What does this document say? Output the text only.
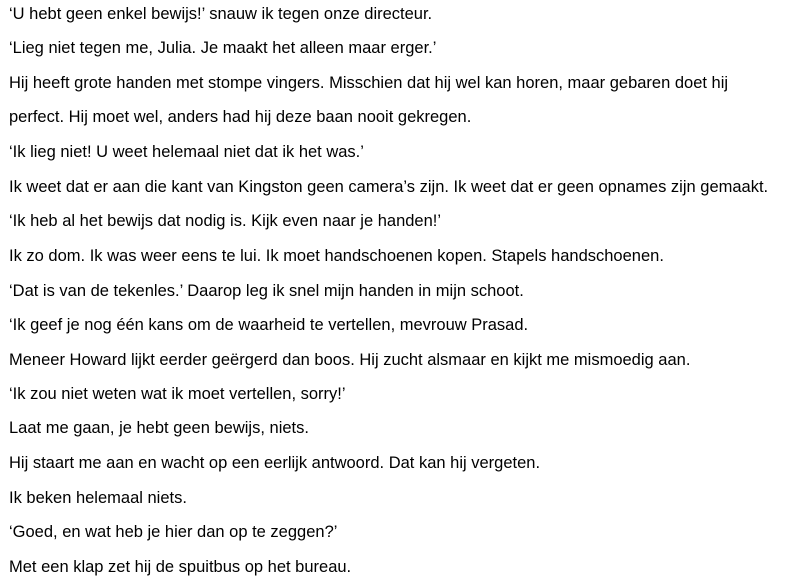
‘U hebt geen enkel bewijs!’ snauw ik tegen onze directeur.

‘Lieg niet tegen me, Julia. Je maakt het alleen maar erger.’

Hij heeft grote handen met stompe vingers. Misschien dat hij wel kan horen, maar gebaren doet hij

perfect. Hij moet wel, anders had hij deze baan nooit gekregen.

‘Ik lieg niet! U weet helemaal niet dat ik het was.’

Ik weet dat er aan die kant van Kingston geen camera’s zijn. Ik weet dat er geen opnames zijn gemaakt.

‘Ik heb al het bewijs dat nodig is. Kijk even naar je handen!’

Ik zo dom. Ik was weer eens te lui. Ik moet handschoenen kopen. Stapels handschoenen.

‘Dat is van de tekenles.’ Daarop leg ik snel mijn handen in mijn schoot.

‘Ik geef je nog één kans om de waarheid te vertellen, mevrouw Prasad.

Meneer Howard lijkt eerder geërgerd dan boos. Hij zucht alsmaar en kijkt me mismoedig aan.

‘Ik zou niet weten wat ik moet vertellen, sorry!’

Laat me gaan, je hebt geen bewijs, niets.

Hij staart me aan en wacht op een eerlijk antwoord. Dat kan hij vergeten.

Ik beken helemaal niets.

‘Goed, en wat heb je hier dan op te zeggen?’

Met een klap zet hij de spuitbus op het bureau.
